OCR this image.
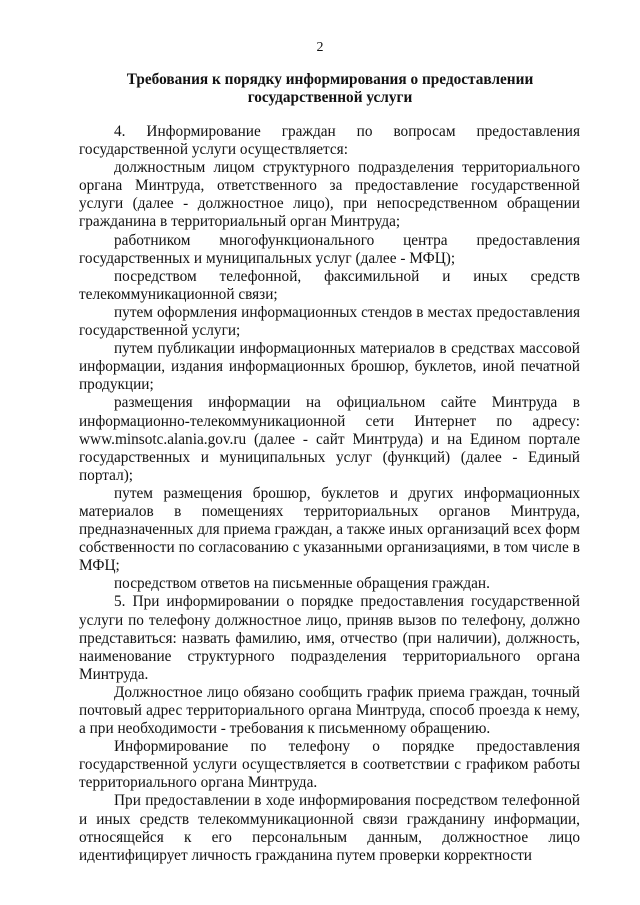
2
Требования к порядку информирования о предоставлении
государственной услуги

4. Информирование граждан по вопросам предоставления государственной услуги осуществляется:

должностным лицом структурного подразделения территориального органа Минтруда, ответственного за предоставление государственной услуги (далее - должностное лицо), при непосредственном обращении гражданина в территориальный орган Минтруда;

работником многофункционального центра предоставления государственных и муниципальных услуг (далее - МФЦ);

посредством телефонной, факсимильной и иных средств телекоммуникационной связи;

путем оформления информационных стендов в местах предоставления государственной услуги;

путем публикации информационных материалов в средствах массовой информации, издания информационных брошюр, буклетов, иной печатной продукции;

размещения информации на официальном сайте Минтруда в информационно-телекоммуникационной сети Интернет по адресу: www.minsotc.alania.gov.ru (далее - сайт Минтруда) и на Едином портале государственных и муниципальных услуг (функций) (далее - Единый портал);

путем размещения брошюр, буклетов и других информационных материалов в помещениях территориальных органов Минтруда, предназначенных для приема граждан, а также иных организаций всех форм собственности по согласованию с указанными организациями, в том числе в МФЦ;

посредством ответов на письменные обращения граждан.

5. При информировании о порядке предоставления государственной услуги по телефону должностное лицо, приняв вызов по телефону, должно представиться: назвать фамилию, имя, отчество (при наличии), должность, наименование структурного подразделения территориального органа Минтруда.

Должностное лицо обязано сообщить график приема граждан, точный почтовый адрес территориального органа Минтруда, способ проезда к нему, а при необходимости - требования к письменному обращению.

Информирование по телефону о порядке предоставления государственной услуги осуществляется в соответствии с графиком работы территориального органа Минтруда.

При предоставлении в ходе информирования посредством телефонной и иных средств телекоммуникационной связи гражданину информации, относящейся к его персональным данным, должностное лицо идентифицирует личность гражданина путем проверки корректности
